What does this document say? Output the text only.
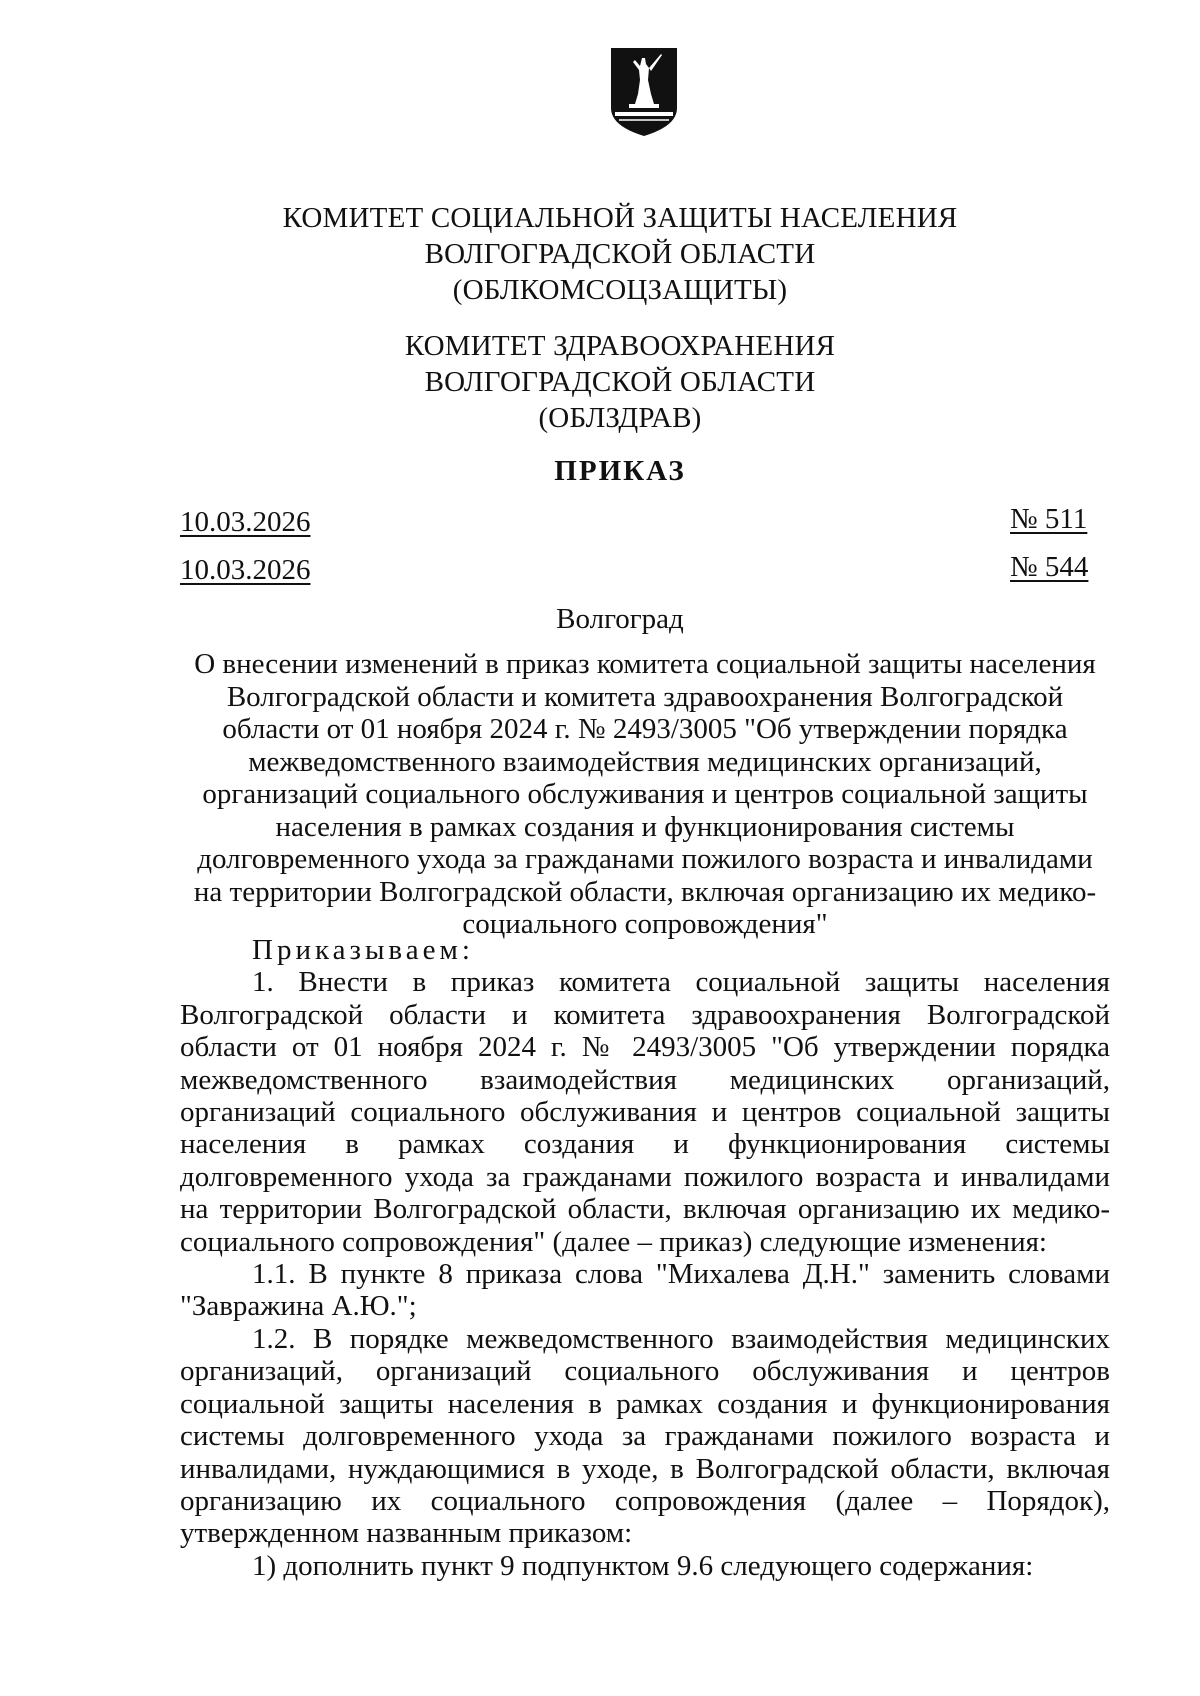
КОМИТЕТ СОЦИАЛЬНОЙ ЗАЩИТЫ НАСЕЛЕНИЯ
ВОЛГОГРАДСКОЙ ОБЛАСТИ
(ОБЛКОМСОЦЗАЩИТЫ)
КОМИТЕТ ЗДРАВООХРАНЕНИЯ
ВОЛГОГРАДСКОЙ ОБЛАСТИ
(ОБЛЗДРАВ)
ПРИКАЗ
10.03.2026	№ 511
10.03.2026	№ 544
Волгоград
О внесении изменений в приказ комитета социальной защиты населения Волгоградской области и комитета здравоохранения Волгоградской области от 01 ноября 2024 г. № 2493/3005 "Об утверждении порядка межведомственного взаимодействия медицинских организаций, организаций социального обслуживания и центров социальной защиты населения в рамках создания и функционирования системы долговременного ухода за гражданами пожилого возраста и инвалидами на территории Волгоградской области, включая организацию их медико-социального сопровождения"

Приказываем:

1. Внести в приказ комитета социальной защиты населения Волгоградской области и комитета здравоохранения Волгоградской области от 01 ноября 2024 г. № 2493/3005 "Об утверждении порядка межведомственного взаимодействия медицинских организаций, организаций социального обслуживания и центров социальной защиты населения в рамках создания и функционирования системы долговременного ухода за гражданами пожилого возраста и инвалидами на территории Волгоградской области, включая организацию их медико-социального сопровождения" (далее – приказ) следующие изменения:

1.1. В пункте 8 приказа слова "Михалева Д.Н." заменить словами "Завражина А.Ю.";

1.2. В порядке межведомственного взаимодействия медицинских организаций, организаций социального обслуживания и центров социальной защиты населения в рамках создания и функционирования системы долговременного ухода за гражданами пожилого возраста и инвалидами, нуждающимися в уходе, в Волгоградской области, включая организацию их социального сопровождения (далее – Порядок), утвержденном названным приказом:

1) дополнить пункт 9 подпунктом 9.6 следующего содержания:
